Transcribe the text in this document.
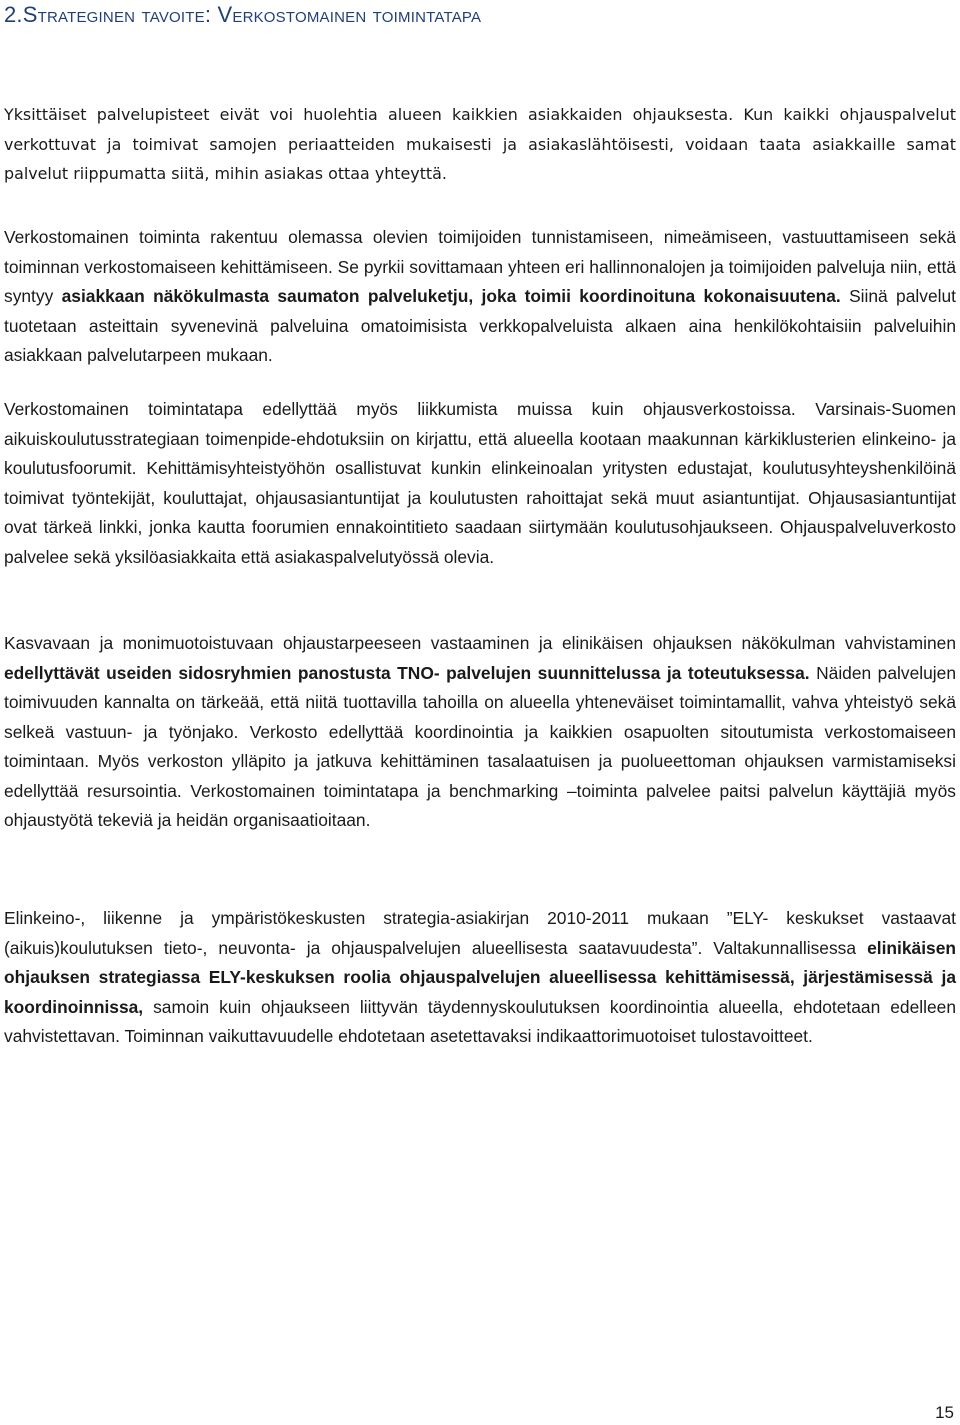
2.Strateginen tavoite: Verkostomainen toimintatapa

Yksittäiset palvelupisteet eivät voi huolehtia alueen kaikkien asiakkaiden ohjauksesta. Kun kaikki ohjauspalvelut verkottuvat ja toimivat samojen periaatteiden mukaisesti ja asiakaslähtöisesti, voidaan taata asiakkaille samat palvelut riippumatta siitä, mihin asiakas ottaa yhteyttä.

Verkostomainen toiminta rakentuu olemassa olevien toimijoiden tunnistamiseen, nimeämiseen, vastuuttamiseen sekä toiminnan verkostomaiseen kehittämiseen. Se pyrkii sovittamaan yhteen eri hallinnonalojen ja toimijoiden palveluja niin, että syntyy asiakkaan näkökulmasta saumaton palveluketju, joka toimii koordinoituna kokonaisuutena. Siinä palvelut tuotetaan asteittain syvenevinä palveluina omatoimisista verkkopalveluista alkaen aina henkilökohtaisiin palveluihin asiakkaan palvelutarpeen mukaan.

Verkostomainen toimintatapa edellyttää myös liikkumista muissa kuin ohjausverkostoissa. Varsinais-Suomen aikuiskoulutusstrategiaan toimenpide-ehdotuksiin on kirjattu, että alueella kootaan maakunnan kärkiklusterien elinkeino- ja koulutusfoorumit. Kehittämisyhteistyöhön osallistuvat kunkin elinkeinoalan yritysten edustajat, koulutusyhteyshenkilöinä toimivat työntekijät, kouluttajat, ohjausasiantuntijat ja koulutusten rahoittajat sekä muut asiantuntijat. Ohjausasiantuntijat ovat tärkeä linkki, jonka kautta foorumien ennakointitieto saadaan siirtymään koulutusohjaukseen. Ohjauspalveluverkosto palvelee sekä yksilöasiakkaita että asiakaspalvelutyössä olevia.

Kasvavaan ja monimuotoistuvaan ohjaustarpeeseen vastaaminen ja elinikäisen ohjauksen näkökulman vahvistaminen edellyttävät useiden sidosryhmien panostusta TNO- palvelujen suunnittelussa ja toteutuksessa. Näiden palvelujen toimivuuden kannalta on tärkeää, että niitä tuottavilla tahoilla on alueella yhteneväiset toimintamallit, vahva yhteistyö sekä selkeä vastuun- ja työnjako. Verkosto edellyttää koordinointia ja kaikkien osapuolten sitoutumista verkostomaiseen toimintaan. Myös verkoston ylläpito ja jatkuva kehittäminen tasalaatuisen ja puolueettoman ohjauksen varmistamiseksi edellyttää resursointia. Verkostomainen toimintatapa ja benchmarking –toiminta palvelee paitsi palvelun käyttäjiä myös ohjaustyötä tekeviä ja heidän organisaatioitaan.

Elinkeino-, liikenne ja ympäristökeskusten strategia-asiakirjan 2010-2011 mukaan ”ELY- keskukset vastaavat (aikuis)koulutuksen tieto-, neuvonta- ja ohjauspalvelujen alueellisesta saatavuudesta”. Valtakunnallisessa elinikäisen ohjauksen strategiassa ELY-keskuksen roolia ohjauspalvelujen alueellisessa kehittämisessä, järjestämisessä ja koordinoinnissa, samoin kuin ohjaukseen liittyvän täydennyskoulutuksen koordinointia alueella, ehdotetaan edelleen vahvistettavan. Toiminnan vaikuttavuudelle ehdotetaan asetettavaksi indikaattorimuotoiset tulostavoitteet.

15
